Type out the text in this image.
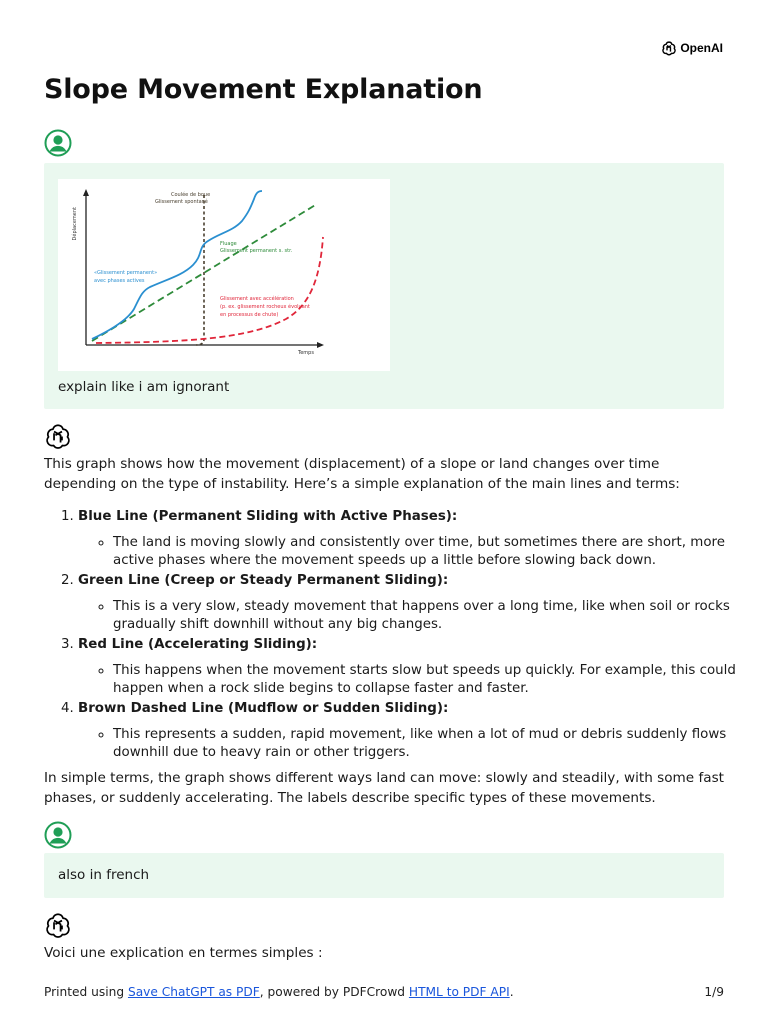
OpenAI
Slope Movement Explanation
Déplacement
Temps
Coulée de boue
Glissement spontané
Fluage
Glissement permanent s. str.
«Glissement permanent»
avec phases actives
Glissement avec accélération
(p. ex. glissement rocheux évoluant
en processus de chute)
explain like i am ignorant

This graph shows how the movement (displacement) of a slope or land changes over time depending on the type of instability. Here’s a simple explanation of the main lines and terms:

1. Blue Line (Permanent Sliding with Active Phases):
◦ The land is moving slowly and consistently over time, but sometimes there are short, more active phases where the movement speeds up a little before slowing back down.
2. Green Line (Creep or Steady Permanent Sliding):
◦ This is a very slow, steady movement that happens over a long time, like when soil or rocks gradually shift downhill without any big changes.
3. Red Line (Accelerating Sliding):
◦ This happens when the movement starts slow but speeds up quickly. For example, this could happen when a rock slide begins to collapse faster and faster.
4. Brown Dashed Line (Mudflow or Sudden Sliding):
◦ This represents a sudden, rapid movement, like when a lot of mud or debris suddenly flows downhill due to heavy rain or other triggers.

In simple terms, the graph shows different ways land can move: slowly and steadily, with some fast phases, or suddenly accelerating. The labels describe specific types of these movements.

also in french

Voici une explication en termes simples :

Printed using Save ChatGPT as PDF, powered by PDFCrowd HTML to PDF API.	1/9
